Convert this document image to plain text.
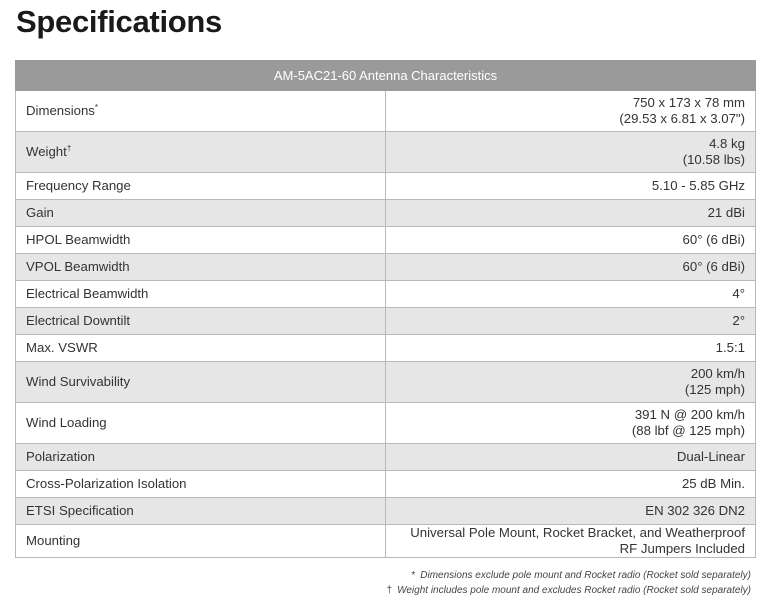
Specifications
AM-5AC21-60 Antenna Characteristics	
Dimensions*	750 x 173 x 78 mm
(29.53 x 6.81 x 3.07")

Weight†	4.8 kg
(10.58 lbs)

Frequency Range	5.10 - 5.85 GHz

Gain	21 dBi

HPOL Beamwidth	60° (6 dBi)

VPOL Beamwidth	60° (6 dBi)

Electrical Beamwidth	4°

Electrical Downtilt	2°

Max. VSWR	1.5:1

Wind Survivability	200 km/h
(125 mph)

Wind Loading	391 N @ 200 km/h
(88 lbf @ 125 mph)

Polarization	Dual-Linear

Cross-Polarization Isolation	25 dB Min.

ETSI Specification	EN 302 326 DN2

Mounting	Universal Pole Mount, Rocket Bracket, and Weatherproof RF Jumpers Included
* Dimensions exclude pole mount and Rocket radio (Rocket sold separately)
† Weight includes pole mount and excludes Rocket radio (Rocket sold separately)
